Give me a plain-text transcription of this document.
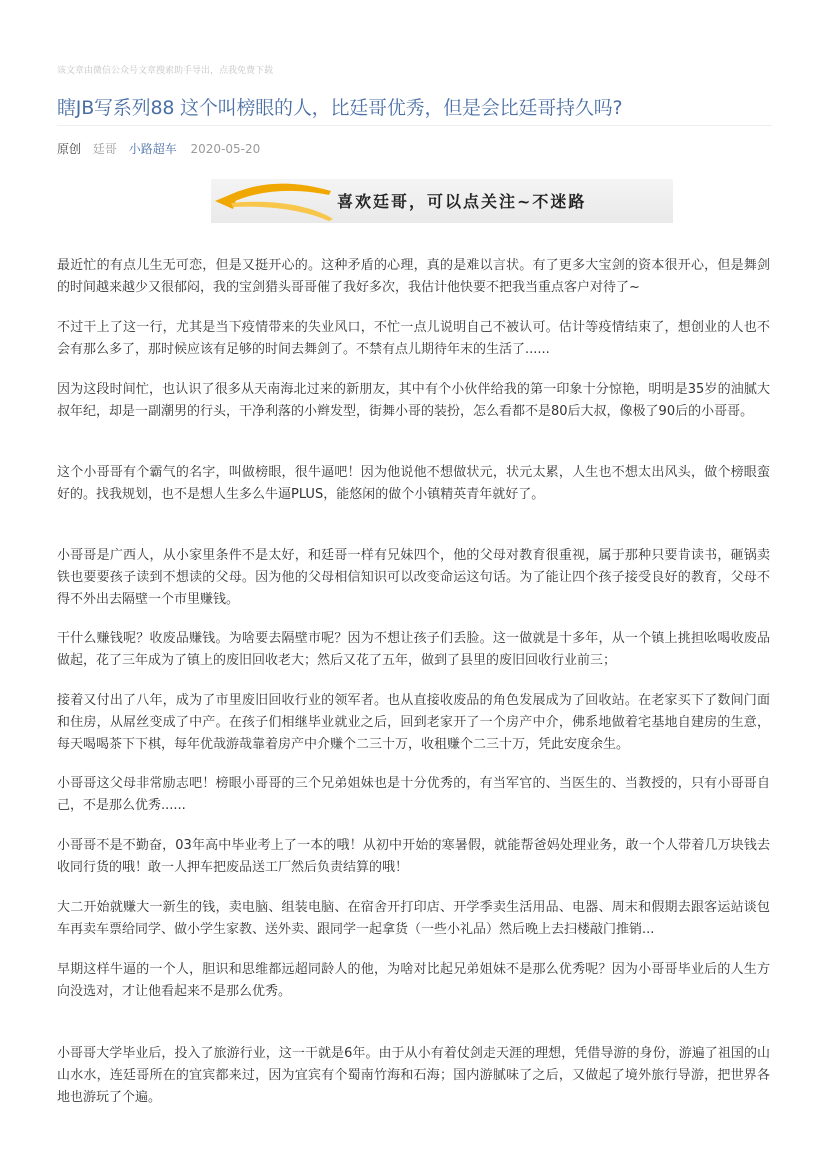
该文章由微信公众号文章搜索助手导出，点我免费下载
瞎JB写系列88 这个叫榜眼的人，比廷哥优秀，但是会比廷哥持久吗?
原创 廷哥 小路超车 2020-05-20
喜欢廷哥，可以点关注~不迷路

最近忙的有点儿生无可恋，但是又挺开心的。这种矛盾的心理，真的是难以言状。有了更多大宝剑的资本很开心，但是舞剑的时间越来越少又很郁闷，我的宝剑猎头哥哥催了我好多次，我估计他快要不把我当重点客户对待了~

不过干上了这一行，尤其是当下疫情带来的失业风口，不忙一点儿说明自己不被认可。估计等疫情结束了，想创业的人也不会有那么多了，那时候应该有足够的时间去舞剑了。不禁有点儿期待年末的生活了......

因为这段时间忙，也认识了很多从天南海北过来的新朋友，其中有个小伙伴给我的第一印象十分惊艳，明明是35岁的油腻大叔年纪，却是一副潮男的行头，干净利落的小辫发型，街舞小哥的装扮，怎么看都不是80后大叔，像极了90后的小哥哥。

这个小哥哥有个霸气的名字，叫做榜眼，很牛逼吧！因为他说他不想做状元，状元太累，人生也不想太出风头，做个榜眼蛮好的。找我规划，也不是想人生多么牛逼PLUS，能悠闲的做个小镇精英青年就好了。

小哥哥是广西人，从小家里条件不是太好，和廷哥一样有兄妹四个，他的父母对教育很重视，属于那种只要肯读书，砸锅卖铁也要要孩子读到不想读的父母。因为他的父母相信知识可以改变命运这句话。为了能让四个孩子接受良好的教育，父母不得不外出去隔壁一个市里赚钱。

干什么赚钱呢？收废品赚钱。为啥要去隔壁市呢？因为不想让孩子们丢脸。这一做就是十多年，从一个镇上挑担吆喝收废品做起，花了三年成为了镇上的废旧回收老大；然后又花了五年，做到了县里的废旧回收行业前三；

接着又付出了八年，成为了市里废旧回收行业的领军者。也从直接收废品的角色发展成为了回收站。在老家买下了数间门面和住房，从屌丝变成了中产。在孩子们相继毕业就业之后，回到老家开了一个房产中介，佛系地做着宅基地自建房的生意，每天喝喝茶下下棋，每年优哉游哉靠着房产中介赚个二三十万，收租赚个二三十万，凭此安度余生。

小哥哥这父母非常励志吧！榜眼小哥哥的三个兄弟姐妹也是十分优秀的，有当军官的、当医生的、当教授的，只有小哥哥自己，不是那么优秀......

小哥哥不是不勤奋，03年高中毕业考上了一本的哦！从初中开始的寒暑假，就能帮爸妈处理业务，敢一个人带着几万块钱去收同行货的哦！敢一人押车把废品送工厂然后负责结算的哦！

大二开始就赚大一新生的钱，卖电脑、组装电脑、在宿舍开打印店、开学季卖生活用品、电器、周末和假期去跟客运站谈包车再卖车票给同学、做小学生家教、送外卖、跟同学一起拿货（一些小礼品）然后晚上去扫楼敲门推销...

早期这样牛逼的一个人，胆识和思维都远超同龄人的他，为啥对比起兄弟姐妹不是那么优秀呢？因为小哥哥毕业后的人生方向没选对，才让他看起来不是那么优秀。

小哥哥大学毕业后，投入了旅游行业，这一干就是6年。由于从小有着仗剑走天涯的理想，凭借导游的身份，游遍了祖国的山山水水，连廷哥所在的宜宾都来过，因为宜宾有个蜀南竹海和石海；国内游腻味了之后，又做起了境外旅行导游，把世界各地也游玩了个遍。
